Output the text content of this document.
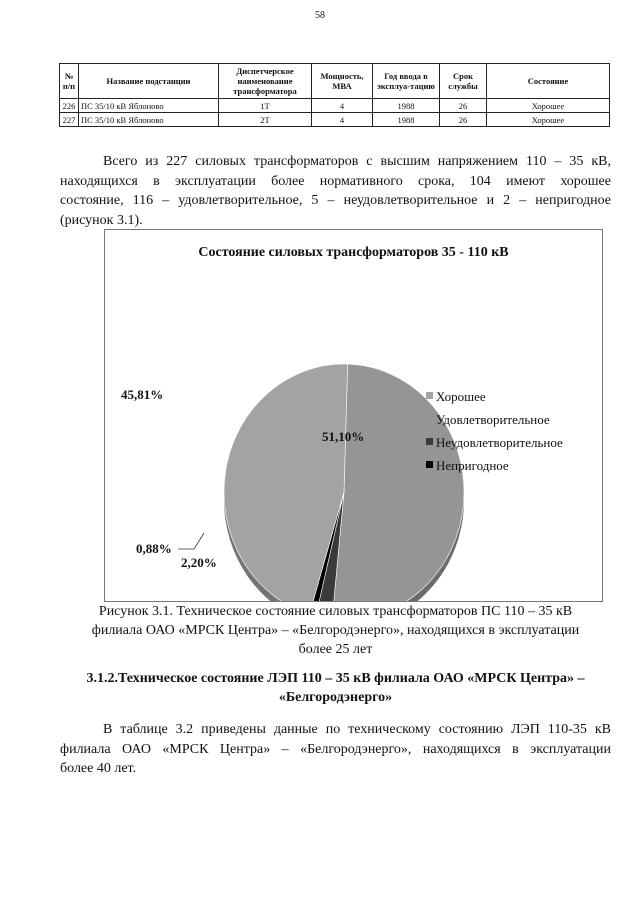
58
№ п/п	Название подстанции	Диспетчерское наименование трансформатора	Мощность, МВА	Год ввода в эксплуа-тацию	Срок службы	Состояние
226	ПС 35/10 кВ Яблоново	1Т	4	1988	26	Хорошее
227	ПС 35/10 кВ Яблоново	2Т	4	1988	26	Хорошее

Всего из 227 силовых трансформаторов с высшим напряжением 110 – 35 кВ,
находящихся в эксплуатации более нормативного срока, 104 имеют хорошее
состояние, 116 – удовлетворительное, 5 – неудовлетворительное и 2 – непригодное
(рисунок 3.1).

Состояние силовых трансформаторов 35 - 110 кВ
45,81%
51,10%
2,20%
0,88%
Хорошее
Удовлетворительное
Неудовлетворительное
Непригодное
Рисунок 3.1. Техническое состояние силовых трансформаторов ПС 110 – 35 кВ
филиала ОАО «МРСК Центра» – «Белгородэнерго», находящихся в эксплуатации
более 25 лет
3.1.2.Техническое состояние ЛЭП 110 – 35 кВ филиала ОАО «МРСК Центра» –
«Белгородэнерго»

В таблице 3.2 приведены данные по техническому состоянию ЛЭП 110-35 кВ
филиала ОАО «МРСК Центра» – «Белгородэнерго», находящихся в эксплуатации
более 40 лет.
